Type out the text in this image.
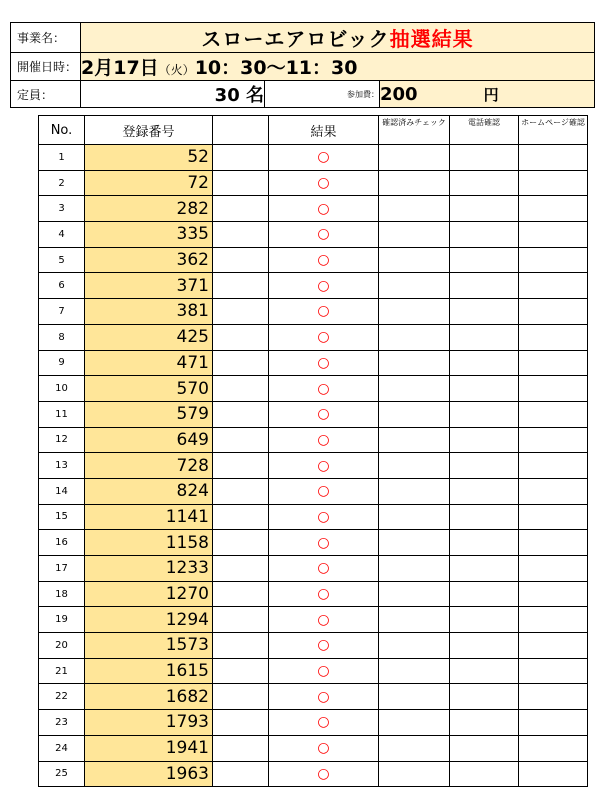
事業名：	スローエアロビック抽選結果		
開催日時：	2月17日（火）10：30～11：30		
定員：	30 名	参加費：	200 円
No.	登録番号		結果	確認済みチェック	電話確認	ホームページ確認
1	52		○			
2	72		○			
3	282		○			
4	335		○			
5	362		○			
6	371		○			
7	381		○			
8	425		○			
9	471		○			
10	570		○			
11	579		○			
12	649		○			
13	728		○			
14	824		○			
15	1141		○			
16	1158		○			
17	1233		○			
18	1270		○			
19	1294		○			
20	1573		○			
21	1615		○			
22	1682		○			
23	1793		○			
24	1941		○			
25	1963		○			
